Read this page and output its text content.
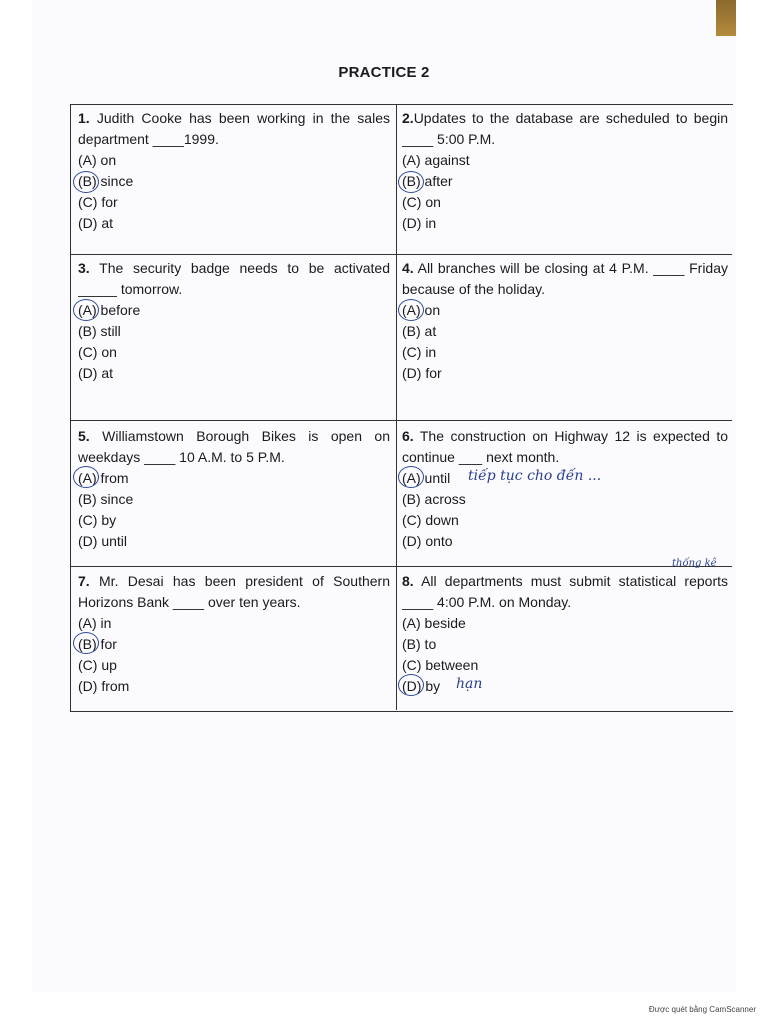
PRACTICE 2
1. Judith Cooke has been working in the sales department ____1999.
(A) on
(B) since
(C) for
(D) at
2.Updates to the database are scheduled to begin ____ 5:00 P.M.
(A) against
(B) after
(C) on
(D) in
3. The security badge needs to be activated _____ tomorrow.
(A) before
(B) still
(C) on
(D) at
4. All branches will be closing at 4 P.M. ____ Friday because of the holiday.
(A) on
(B) at
(C) in
(D) for
5. Williamstown Borough Bikes is open on weekdays ____ 10 A.M. to 5 P.M.
(A) from
(B) since
(C) by
(D) until
6. The construction on Highway 12 is expected to continue ___ next month.
(A) until
(B) across
(C) down
(D) onto
7. Mr. Desai has been president of Southern Horizons Bank ____ over ten years.
(A) in
(B) for
(C) up
(D) from
8. All departments must submit statistical reports ____ 4:00 P.M. on Monday.
(A) beside
(B) to
(C) between
(D) by
tiếp tục cho đến ...
thống kê
hạn
Được quét bằng CamScanner
